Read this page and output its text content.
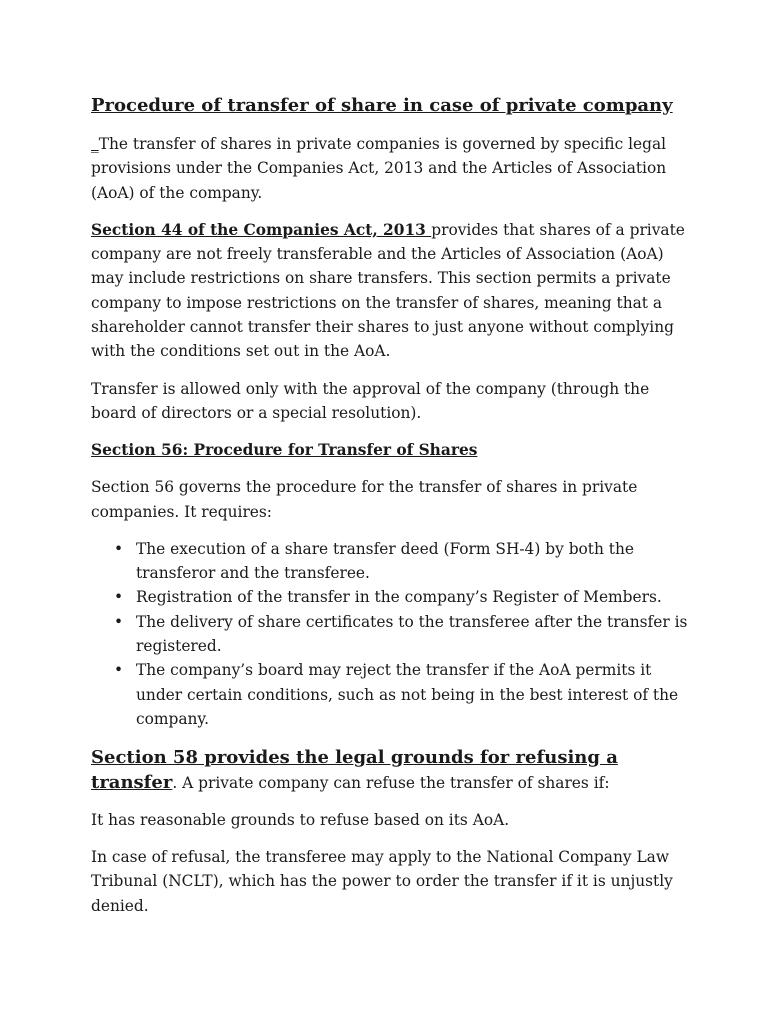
Procedure of transfer of share in case of private company

_The transfer of shares in private companies is governed by specific legal provisions under the Companies Act, 2013 and the Articles of Association (AoA) of the company.

Section 44 of the Companies Act, 2013 provides that shares of a private company are not freely transferable and the Articles of Association (AoA) may include restrictions on share transfers. This section permits a private company to impose restrictions on the transfer of shares, meaning that a shareholder cannot transfer their shares to just anyone without complying with the conditions set out in the AoA.

Transfer is allowed only with the approval of the company (through the board of directors or a special resolution).

Section 56: Procedure for Transfer of Shares

Section 56 governs the procedure for the transfer of shares in private companies. It requires:

• The execution of a share transfer deed (Form SH-4) by both the transferor and the transferee.
• Registration of the transfer in the company’s Register of Members.
• The delivery of share certificates to the transferee after the transfer is registered.
• The company’s board may reject the transfer if the AoA permits it under certain conditions, such as not being in the best interest of the company.

Section 58 provides the legal grounds for refusing a transfer. A private company can refuse the transfer of shares if:

It has reasonable grounds to refuse based on its AoA.

In case of refusal, the transferee may apply to the National Company Law Tribunal (NCLT), which has the power to order the transfer if it is unjustly denied.
